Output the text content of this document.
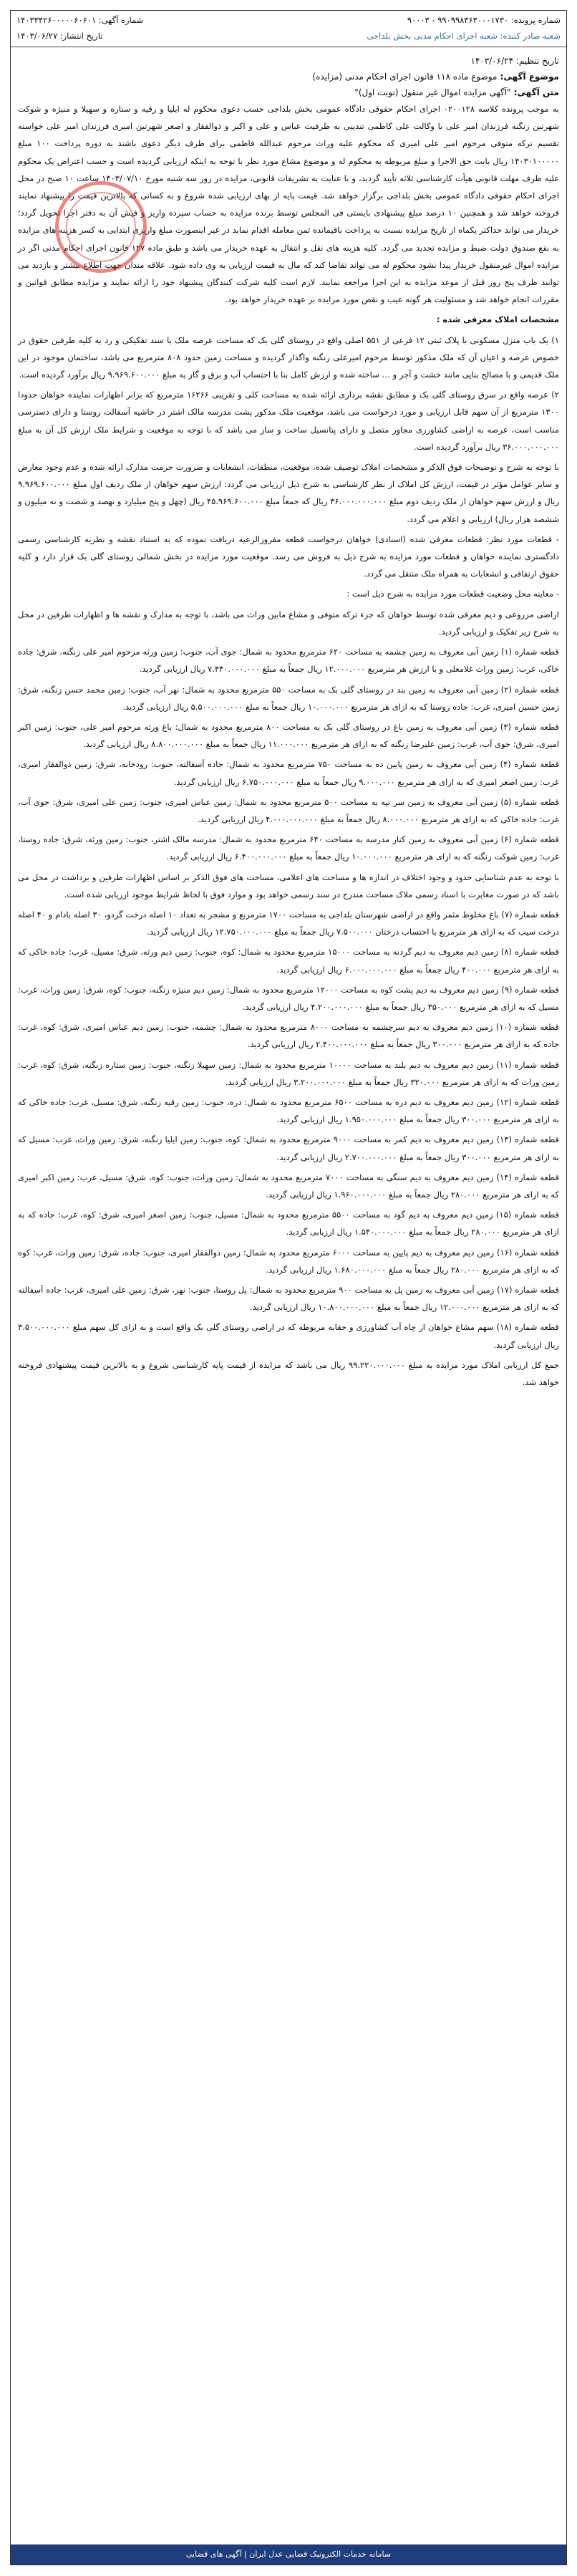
شماره پرونده: ۹۹۰۹۹۸۳۶۳۰۰۰۱۷۳۰ - ۹۰۰۰۳
شماره آگهی: ۱۴۰۳۳۴۲۶۰۰۰۰۰۶۰۶۰۱
شعبه صادر کننده: شعبه اجرای احکام مدنی بخش بلداجی
تاریخ انتشار: ۱۴۰۳/۰۶/۲۷
تاریخ تنظیم: ۱۴۰۳/۰۶/۲۴
موضوع آگهی: موضوع ماده ۱۱۸ قانون اجرای احکام مدنی (مزایده)
متن آگهی: "آگهی مزایده اموال غیر منقول (نوبت اول)"

به موجب پرونده کلاسه ۰۲۰۰۱۲۸ اجرای احکام حقوقی دادگاه عمومی بخش بلداجی حسب دعوی محکوم له ایلیا و رقیه و ستاره و سهیلا و منیژه و شوکت شهرتین زنگنه فرزندان امیر علی با وکالت علی کاظمی تندیبی به طرفیت عباس و علی و اکبر و ذوالفقار و اصغر شهرتین امیری فرزندان امیر علی خواسته تقسیم ترکه متوفی مرحوم امیر علی امیری که محکوم علیه وراث مرحوم عبدالله فاطمی برای طرف دیگر دعوی باشند به دوره پرداخت ۱۰۰ مبلغ ۱۴۰۳۰۱۰۰۰۰۰ ریال بابت حق الاجرا و مبلغ مربوطه به محکوم له و موضوع مشاع مورد نظر با توجه به اینکه ارزیابی گردیده است و حسب اعتراض یک محکوم علیه ظرف مهلت قانونی هیأت کارشناسی ثلاثه تأیید گردید، و با عنایت به تشریفات قانونی، مزایده در روز سه شنبه مورخ ۱۴۰۳/۰۷/۱۰ ساعت ۱۰ صبح در محل اجرای احکام حقوقی دادگاه عمومی بخش بلداجی برگزار خواهد شد. قیمت پایه از بهای ارزیابی شده شروع و به کسانی که بالاترین قیمت را پیشنهاد نمایند فروخته خواهد شد و همچنین ۱۰ درصد مبلغ پیشنهادی بایستی فی المجلس توسط برنده مزایده به حساب سپرده واریز و فیش آن به دفتر اجرا تحویل گردد؛ خریدار می تواند حداکثر یکماه از تاریخ مزایده نسبت به پرداخت باقیمانده ثمن معامله اقدام نماید در غیر اینصورت مبلغ واریزی ابتدایی به کسر هزینه های مزایده به نفع صندوق دولت ضبط و مزایده تجدید می گردد. کلیه هزینه های نقل و انتقال به عهده خریدار می باشد و طبق ماده ۱۲۷ قانون اجرای احکام مدنی اگر در مزایده اموال غیرمنقول خریدار پیدا نشود محکوم له می تواند تقاضا کند که مال به قیمت ارزیابی به وی داده شود. علاقه مندان جهت اطلاع بیشتر و بازدید می توانند ظرف پنج روز قبل از موعد مزایده به این اجرا مراجعه نمایند. لازم است کلیه شرکت کنندگان پیشنهاد خود را ارائه نمایند و مزایده مطابق قوانین و مقررات انجام خواهد شد و مسئولیت هر گونه عیب و نقص مورد مزایده بر عهده خریدار خواهد بود.

مشخصات املاک معرفی شده :

۱) یک باب منزل مسکونی با پلاک ثبتی ۱۲ فرعی از ۵۵۱ اصلی واقع در روستای گلی بک که مساحت عرصه ملک با سند تفکیکی و رد یه کلیه طرفین حقوق در خصوص عرصه و اعیان آن که ملک مذکور توسط مرحوم امیرعلی زنگنه واگذار گردیده و مساحت زمین حدود ۸۰۸ مترمربع می باشد، ساختمان موجود در این ملک قدیمی و با مصالح بنایی مانند خشت و آجر و … ساخته شده و ارزش کامل بنا با احتساب آب و برق و گاز به مبلغ ۹.۹۶۹.۶۰۰.۰۰۰ ریال برآورد گردیده است.

۲) عرصه واقع در سرق روستای گلی بک و مطابق نقشه برداری ارائه شده به مساحت کلی و تقریبی ۱۶۲۶۶ مترمربع که برابر اظهارات نماینده خواهان حدودا ۱۳۰۰ مترمربع از آن سهم قابل ارزیابی و مورد درخواست می باشد، موقعیت ملک مذکور پشت مدرسه مالک اشتر در حاشیه آسفالت روستا و دارای دسترسی مناسب است، عرصه به اراضی کشاورزی مجاور متصل و دارای پتانسیل ساخت و ساز می باشد که با توجه به موقعیت و شرایط ملک ارزش کل آن به مبلغ ۳۶.۰۰۰.۰۰۰.۰۰۰ ریال برآورد گردیده است.

با توجه به شرح و توضیحات فوق الذکر و مشخصات املاک توصیف شده، موقعیت، منطقات، انشعابات و ضرورت حرمت مدارک ارائه شده و عدم وجود معارض و سایر عوامل مؤثر در قیمت، ارزش کل املاک از نظر کارشناسی به شرح ذیل ارزیابی می گردد: ارزش سهم خواهان از ملک ردیف اول مبلغ ۹.۹۶۹.۶۰۰.۰۰۰ ریال و ارزش سهم خواهان از ملک ردیف دوم مبلغ ۳۶.۰۰۰.۰۰۰.۰۰۰ ریال که جمعاً مبلغ ۴۵.۹۶۹.۶۰۰.۰۰۰ ریال (چهل و پنج میلیارد و نهصد و شصت و نه میلیون و ششصد هزار ریال) ارزیابی و اعلام می گردد.

- قطعات مورد نظر: قطعات معرفی شده (اسنادی) خواهان درخواست قطعه مفروزالرعیه دریافت نموده که به استناد نقشه و نظریه کارشناسی رسمی دادگستری نماینده خواهان و قطعات مورد مزایده به شرح ذیل به فروش می رسد. موقعیت مورد مزایده در بخش شمالی روستای گلی بک قرار دارد و کلیه حقوق ارتفاقی و انشعابات به همراه ملک منتقل می گردد.

- معاینه محل وضعیت قطعات مورد مزایده به شرح ذیل است :

اراضی مزروعی و دیم معرفی شده توسط خواهان که جزء ترکه متوفی و مشاع مابین وراث می باشد، با توجه به مدارک و نقشه ها و اظهارات طرفین در محل به شرح زیر تفکیک و ارزیابی گردید.

قطعه شماره (۱) زمین آبی معروف به زمین چشمه به مساحت ۶۲۰ مترمربع محدود به شمال: جوی آب، جنوب: زمین ورثه مرحوم امیر علی زنگنه، شرق: جاده خاکی، غرب: زمین وراث غلامعلی و با ارزش هر مترمربع ۱۲.۰۰۰.۰۰۰ ریال جمعاً به مبلغ ۷.۴۴۰.۰۰۰.۰۰۰ ریال ارزیابی گردید.

قطعه شماره (۲) زمین آبی معروف به زمین بند در روستای گلی بک به مساحت ۵۵۰ مترمربع محدود به شمال: نهر آب، جنوب: زمین محمد حسن زنگنه، شرق: زمین حسین امیری، غرب: جاده روستا که به ازای هر مترمربع ۱۰.۰۰۰.۰۰۰ ریال جمعاً به مبلغ ۵.۵۰۰.۰۰۰.۰۰۰ ریال ارزیابی گردید.

قطعه شماره (۳) زمین آبی معروف به زمین باغ در روستای گلی بک به مساحت ۸۰۰ مترمربع محدود به شمال: باغ ورثه مرحوم امیر علی، جنوب: زمین اکبر امیری، شرق: جوی آب، غرب: زمین علیرضا زنگنه که به ازای هر مترمربع ۱۱.۰۰۰.۰۰۰ ریال جمعاً به مبلغ ۸.۸۰۰.۰۰۰.۰۰۰ ریال ارزیابی گردید.

قطعه شماره (۴) زمین آبی معروف به زمین پایین ده به مساحت ۷۵۰ مترمربع محدود به شمال: جاده آسفالته، جنوب: رودخانه، شرق: زمین ذوالفقار امیری، غرب: زمین اصغر امیری که به ازای هر مترمربع ۹.۰۰۰.۰۰۰ ریال جمعاً به مبلغ ۶.۷۵۰.۰۰۰.۰۰۰ ریال ارزیابی گردید.

قطعه شماره (۵) زمین آبی معروف به زمین سر تپه به مساحت ۵۰۰ مترمربع محدود به شمال: زمین عباس امیری، جنوب: زمین علی امیری، شرق: جوی آب، غرب: جاده خاکی که به ازای هر مترمربع ۸.۰۰۰.۰۰۰ ریال جمعاً به مبلغ ۴.۰۰۰.۰۰۰.۰۰۰ ریال ارزیابی گردید.

قطعه شماره (۶) زمین آبی معروف به زمین کنار مدرسه به مساحت ۶۴۰ مترمربع محدود به شمال: مدرسه مالک اشتر، جنوب: زمین ورثه، شرق: جاده روستا، غرب: زمین شوکت زنگنه که به ازای هر مترمربع ۱۰.۰۰۰.۰۰۰ ریال جمعاً به مبلغ ۶.۴۰۰.۰۰۰.۰۰۰ ریال ارزیابی گردید.

با توجه به عدم شناسایی حدود و وجود اختلاف در اندازه ها و مساحت های اعلامی، مساحت های فوق الذکر بر اساس اظهارات طرفین و برداشت در محل می باشد که در صورت مغایرت با اسناد رسمی ملاک مساحت مندرج در سند رسمی خواهد بود و موارد فوق با لحاظ شرایط موجود ارزیابی شده است.

قطعه شماره (۷) باغ مخلوط مثمر واقع در اراضی شهرستان بلداجی به مساحت ۱۷۰۰ مترمربع و مشجر به تعداد ۱۰ اصله درخت گردو، ۳۰ اصله بادام و ۴۰ اصله درخت سیب که به ازای هر مترمربع با احتساب درختان ۷.۵۰۰.۰۰۰ ریال جمعاً به مبلغ ۱۲.۷۵۰.۰۰۰.۰۰۰ ریال ارزیابی گردید.

قطعه شماره (۸) زمین دیم معروف به دیم گردنه به مساحت ۱۵۰۰۰ مترمربع محدود به شمال: کوه، جنوب: زمین دیم ورثه، شرق: مسیل، غرب: جاده خاکی که به ازای هر مترمربع ۴۰۰.۰۰۰ ریال جمعاً به مبلغ ۶.۰۰۰.۰۰۰.۰۰۰ ریال ارزیابی گردید.

قطعه شماره (۹) زمین دیم معروف به دیم پشت کوه به مساحت ۱۲۰۰۰ مترمربع محدود به شمال: زمین دیم منیژه زنگنه، جنوب: کوه، شرق: زمین وراث، غرب: مسیل که به ازای هر مترمربع ۳۵۰.۰۰۰ ریال جمعاً به مبلغ ۴.۲۰۰.۰۰۰.۰۰۰ ریال ارزیابی گردید.

قطعه شماره (۱۰) زمین دیم معروف به دیم سرچشمه به مساحت ۸۰۰۰ مترمربع محدود به شمال: چشمه، جنوب: زمین دیم عباس امیری، شرق: کوه، غرب: جاده که به ازای هر مترمربع ۳۰۰.۰۰۰ ریال جمعاً به مبلغ ۲.۴۰۰.۰۰۰.۰۰۰ ریال ارزیابی گردید.

قطعه شماره (۱۱) زمین دیم معروف به دیم بلند به مساحت ۱۰۰۰۰ مترمربع محدود به شمال: زمین سهیلا زنگنه، جنوب: زمین ستاره زنگنه، شرق: کوه، غرب: زمین وراث که به ازای هر مترمربع ۳۲۰.۰۰۰ ریال جمعاً به مبلغ ۳.۲۰۰.۰۰۰.۰۰۰ ریال ارزیابی گردید.

قطعه شماره (۱۲) زمین دیم معروف به دیم دره به مساحت ۶۵۰۰ مترمربع محدود به شمال: دره، جنوب: زمین رقیه زنگنه، شرق: مسیل، غرب: جاده خاکی که به ازای هر مترمربع ۳۰۰.۰۰۰ ریال جمعاً به مبلغ ۱.۹۵۰.۰۰۰.۰۰۰ ریال ارزیابی گردید.

قطعه شماره (۱۳) زمین دیم معروف به دیم کمر به مساحت ۹۰۰۰ مترمربع محدود به شمال: کوه، جنوب: زمین ایلیا زنگنه، شرق: زمین وراث، غرب: مسیل که به ازای هر مترمربع ۳۰۰.۰۰۰ ریال جمعاً به مبلغ ۲.۷۰۰.۰۰۰.۰۰۰ ریال ارزیابی گردید.

قطعه شماره (۱۴) زمین دیم معروف به دیم سنگی به مساحت ۷۰۰۰ مترمربع محدود به شمال: زمین وراث، جنوب: کوه، شرق: مسیل، غرب: زمین اکبر امیری که به ازای هر مترمربع ۲۸۰.۰۰۰ ریال جمعاً به مبلغ ۱.۹۶۰.۰۰۰.۰۰۰ ریال ارزیابی گردید.

قطعه شماره (۱۵) زمین دیم معروف به دیم گود به مساحت ۵۵۰۰ مترمربع محدود به شمال: مسیل، جنوب: زمین اصغر امیری، شرق: کوه، غرب: جاده که به ازای هر مترمربع ۲۸۰.۰۰۰ ریال جمعاً به مبلغ ۱.۵۴۰.۰۰۰.۰۰۰ ریال ارزیابی گردید.

قطعه شماره (۱۶) زمین دیم معروف به دیم پایین به مساحت ۶۰۰۰ مترمربع محدود به شمال: زمین ذوالفقار امیری، جنوب: جاده، شرق: زمین وراث، غرب: کوه که به ازای هر مترمربع ۲۸۰.۰۰۰ ریال جمعاً به مبلغ ۱.۶۸۰.۰۰۰.۰۰۰ ریال ارزیابی گردید.

قطعه شماره (۱۷) زمین آبی معروف به زمین پل به مساحت ۹۰۰ مترمربع محدود به شمال: پل روستا، جنوب: نهر، شرق: زمین علی امیری، غرب: جاده آسفالته که به ازای هر مترمربع ۱۲.۰۰۰.۰۰۰ ریال جمعاً به مبلغ ۱۰.۸۰۰.۰۰۰.۰۰۰ ریال ارزیابی گردید.

قطعه شماره (۱۸) سهم مشاع خواهان از چاه آب کشاورزی و حقابه مربوطه که در اراضی روستای گلی بک واقع است و به ازای کل سهم مبلغ ۳.۵۰۰.۰۰۰.۰۰۰ ریال ارزیابی گردید.

جمع کل ارزیابی املاک مورد مزایده به مبلغ ۹۹.۲۲۰.۰۰۰.۰۰۰ ریال می باشد که مزایده از قیمت پایه کارشناسی شروع و به بالاترین قیمت پیشنهادی فروخته خواهد شد.

سامانه خدمات الکترونیک قضایی عدل ایران | آگهی های قضایی
